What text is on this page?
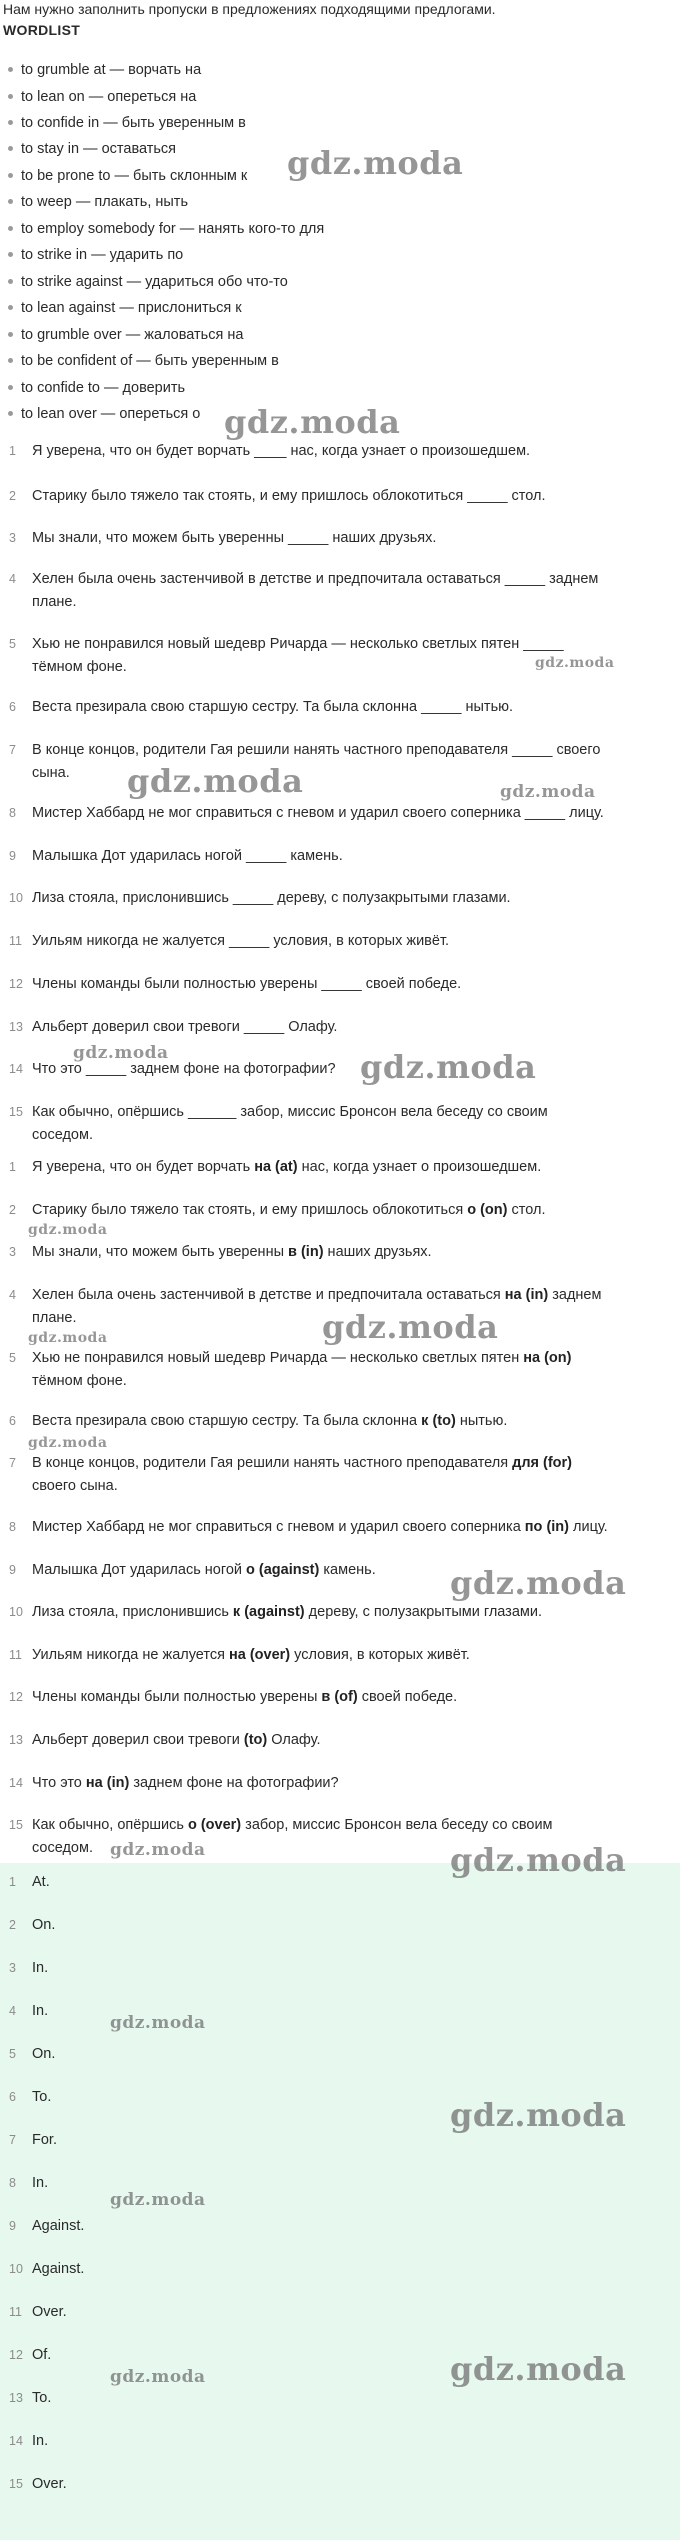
Нам нужно заполнить пропуски в предложениях подходящими предлогами.
WORDLIST
to grumble at — ворчать на
to lean on — опереться на
to confide in — быть уверенным в
to stay in — оставаться
to be prone to — быть склонным к
to weep — плакать, ныть
to employ somebody for — нанять кого-то для
to strike in — ударить по
to strike against — удариться обо что-то
to lean against — прислониться к
to grumble over — жаловаться на
to be confident of — быть уверенным в
to confide to — доверить
to lean over — опереться о
1	Я уверена, что он будет ворчать ____ нас, когда узнает о произошедшем.
2	Старику было тяжело так стоять, и ему пришлось облокотиться _____ стол.
3	Мы знали, что можем быть уверенны _____ наших друзьях.
4	Хелен была очень застенчивой в детстве и предпочитала оставаться _____ заднем
плане.
5	Хью не понравился новый шедевр Ричарда — несколько светлых пятен _____
тёмном фоне.
6	Веста презирала свою старшую сестру. Та была склонна _____ нытью.
7	В конце концов, родители Гая решили нанять частного преподавателя _____ своего
сына.
8	Мистер Хаббард не мог справиться с гневом и ударил своего соперника _____ лицу.
9	Малышка Дот ударилась ногой _____ камень.
10 Лиза стояла, прислонившись _____ дереву, с полузакрытыми глазами.
11 Уильям никогда не жалуется _____ условия, в которых живёт.
12 Члены команды были полностью уверены _____ своей победе.
13 Альберт доверил свои тревоги _____ Олафу.
14 Что это _____ заднем фоне на фотографии?
15 Как обычно, опёршись ______ забор, миссис Бронсон вела беседу со своим
соседом.
1	Я уверена, что он будет ворчать на (at) нас, когда узнает о произошедшем.
2	Старику было тяжело так стоять, и ему пришлось облокотиться о (on) стол.
3	Мы знали, что можем быть уверенны в (in) наших друзьях.
4	Хелен была очень застенчивой в детстве и предпочитала оставаться на (in) заднем
плане.
5	Хью не понравился новый шедевр Ричарда — несколько светлых пятен на (on)
тёмном фоне.
6	Веста презирала свою старшую сестру. Та была склонна к (to) нытью.
7	В конце концов, родители Гая решили нанять частного преподавателя для (for)
своего сына.
8	Мистер Хаббард не мог справиться с гневом и ударил своего соперника по (in) лицу.
9	Малышка Дот ударилась ногой о (against) камень.
10 Лиза стояла, прислонившись к (against) дереву, с полузакрытыми глазами.
11 Уильям никогда не жалуется на (over) условия, в которых живёт.
12 Члены команды были полностью уверены в (of) своей победе.
13 Альберт доверил свои тревоги (to) Олафу.
14 Что это на (in) заднем фоне на фотографии?
15 Как обычно, опёршись о (over) забор, миссис Бронсон вела беседу со своим
соседом.
1	At.
2	On.
3	In.
4	In.
5	On.
6	To.
7	For.
8	In.
9	Against.
10 Against.
11 Over.
12 Of.
13 To.
14 In.
15 Over.
gdz.moda
gdz.moda
gdz.moda
gdz.moda	gdz.moda
gdz.moda	gdz.moda
gdz.moda
gdz.moda
gdz.moda
gdz.moda
gdz.moda
gdz.moda	gdz.moda
gdz.moda
gdz.moda
gdz.moda
gdz.moda	gdz.moda
